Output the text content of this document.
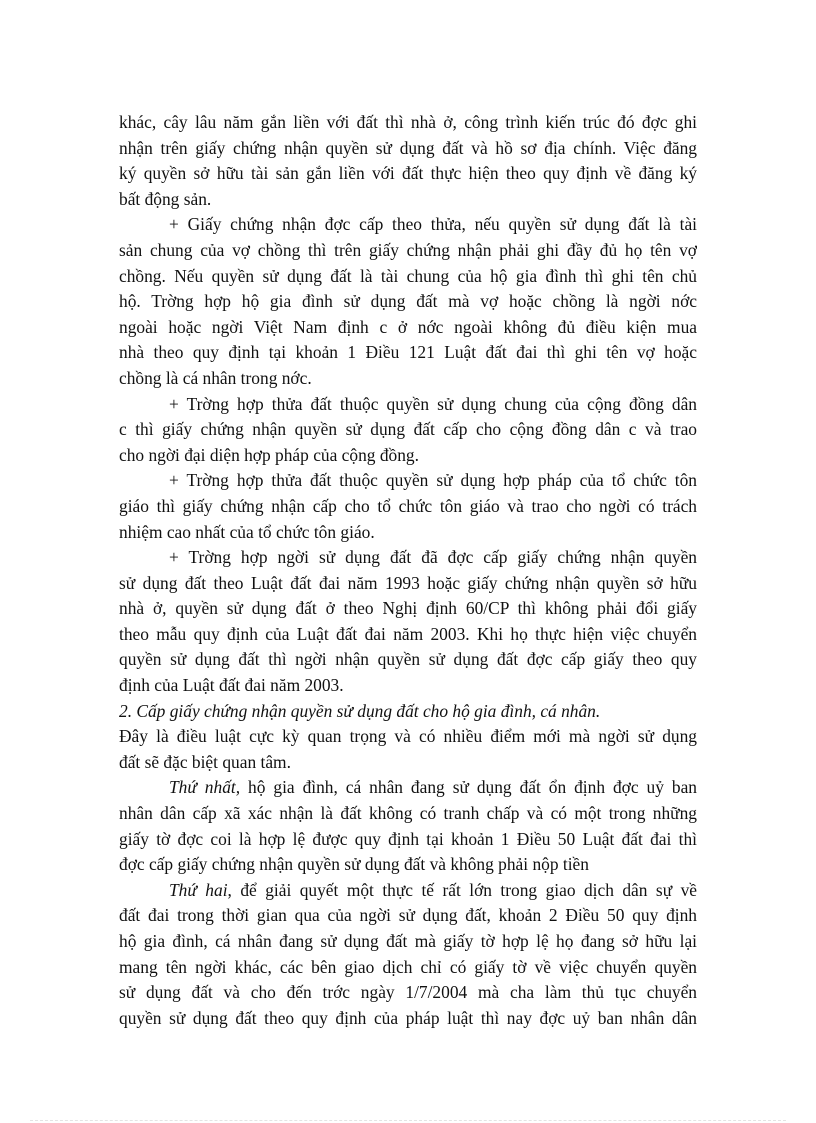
khác, cây lâu năm gắn liền với đất thì nhà ở, công trình kiến trúc đó đợc ghi
nhận trên giấy chứng nhận quyền sử dụng đất và hồ sơ địa chính. Việc đăng
ký quyền sở hữu tài sản gắn liền với đất thực hiện theo quy định về đăng ký
bất động sản.
+ Giấy chứng nhận đợc cấp theo thửa, nếu quyền sử dụng đất là tài
sản chung của vợ chồng thì trên giấy chứng nhận phải ghi đầy đủ họ tên vợ
chồng. Nếu quyền sử dụng đất là tài chung của hộ gia đình thì ghi tên chủ
hộ. Trờng hợp hộ gia đình sử dụng đất mà vợ hoặc chồng là ngời nớc
ngoài hoặc ngời Việt Nam định c ở nớc ngoài không đủ điều kiện mua
nhà theo quy định tại khoản 1 Điều 121 Luật đất đai thì ghi tên vợ hoặc
chồng là cá nhân trong nớc.
+ Trờng hợp thửa đất thuộc quyền sử dụng chung của cộng đồng dân
c thì giấy chứng nhận quyền sử dụng đất cấp cho cộng đồng dân c và trao
cho ngời đại diện hợp pháp của cộng đồng.
+ Trờng hợp thửa đất thuộc quyền sử dụng hợp pháp của tổ chức tôn
giáo thì giấy chứng nhận cấp cho tổ chức tôn giáo và trao cho ngời có trách
nhiệm cao nhất của tổ chức tôn giáo.
+ Trờng hợp ngời sử dụng đất đã đợc cấp giấy chứng nhận quyền
sử dụng đất theo Luật đất đai năm 1993 hoặc giấy chứng nhận quyền sở hữu
nhà ở, quyền sử dụng đất ở theo Nghị định 60/CP thì không phải đổi giấy
theo mẫu quy định của Luật đất đai năm 2003. Khi họ thực hiện việc chuyển
quyền sử dụng đất thì ngời nhận quyền sử dụng đất đợc cấp giấy theo quy
định của Luật đất đai năm 2003.
2. Cấp giấy chứng nhận quyền sử dụng đất cho hộ gia đình, cá nhân.
Đây là điều luật cực kỳ quan trọng và có nhiều điểm mới mà ngời sử dụng
đất sẽ đặc biệt quan tâm.
Thứ nhất, hộ gia đình, cá nhân đang sử dụng đất ổn định đợc uỷ ban
nhân dân cấp xã xác nhận là đất không có tranh chấp và có một trong những
giấy tờ đợc coi là hợp lệ được quy định tại khoản 1 Điều 50 Luật đất đai thì
đợc cấp giấy chứng nhận quyền sử dụng đất và không phải nộp tiền
Thứ hai, để giải quyết một thực tế rất lớn trong giao dịch dân sự về
đất đai trong thời gian qua của ngời sử dụng đất, khoản 2 Điều 50 quy định
hộ gia đình, cá nhân đang sử dụng đất mà giấy tờ hợp lệ họ đang sở hữu lại
mang tên ngời khác, các bên giao dịch chỉ có giấy tờ về việc chuyển quyền
sử dụng đất và cho đến trớc ngày 1/7/2004 mà cha làm thủ tục chuyển
quyền sử dụng đất theo quy định của pháp luật thì nay đợc uỷ ban nhân dân
